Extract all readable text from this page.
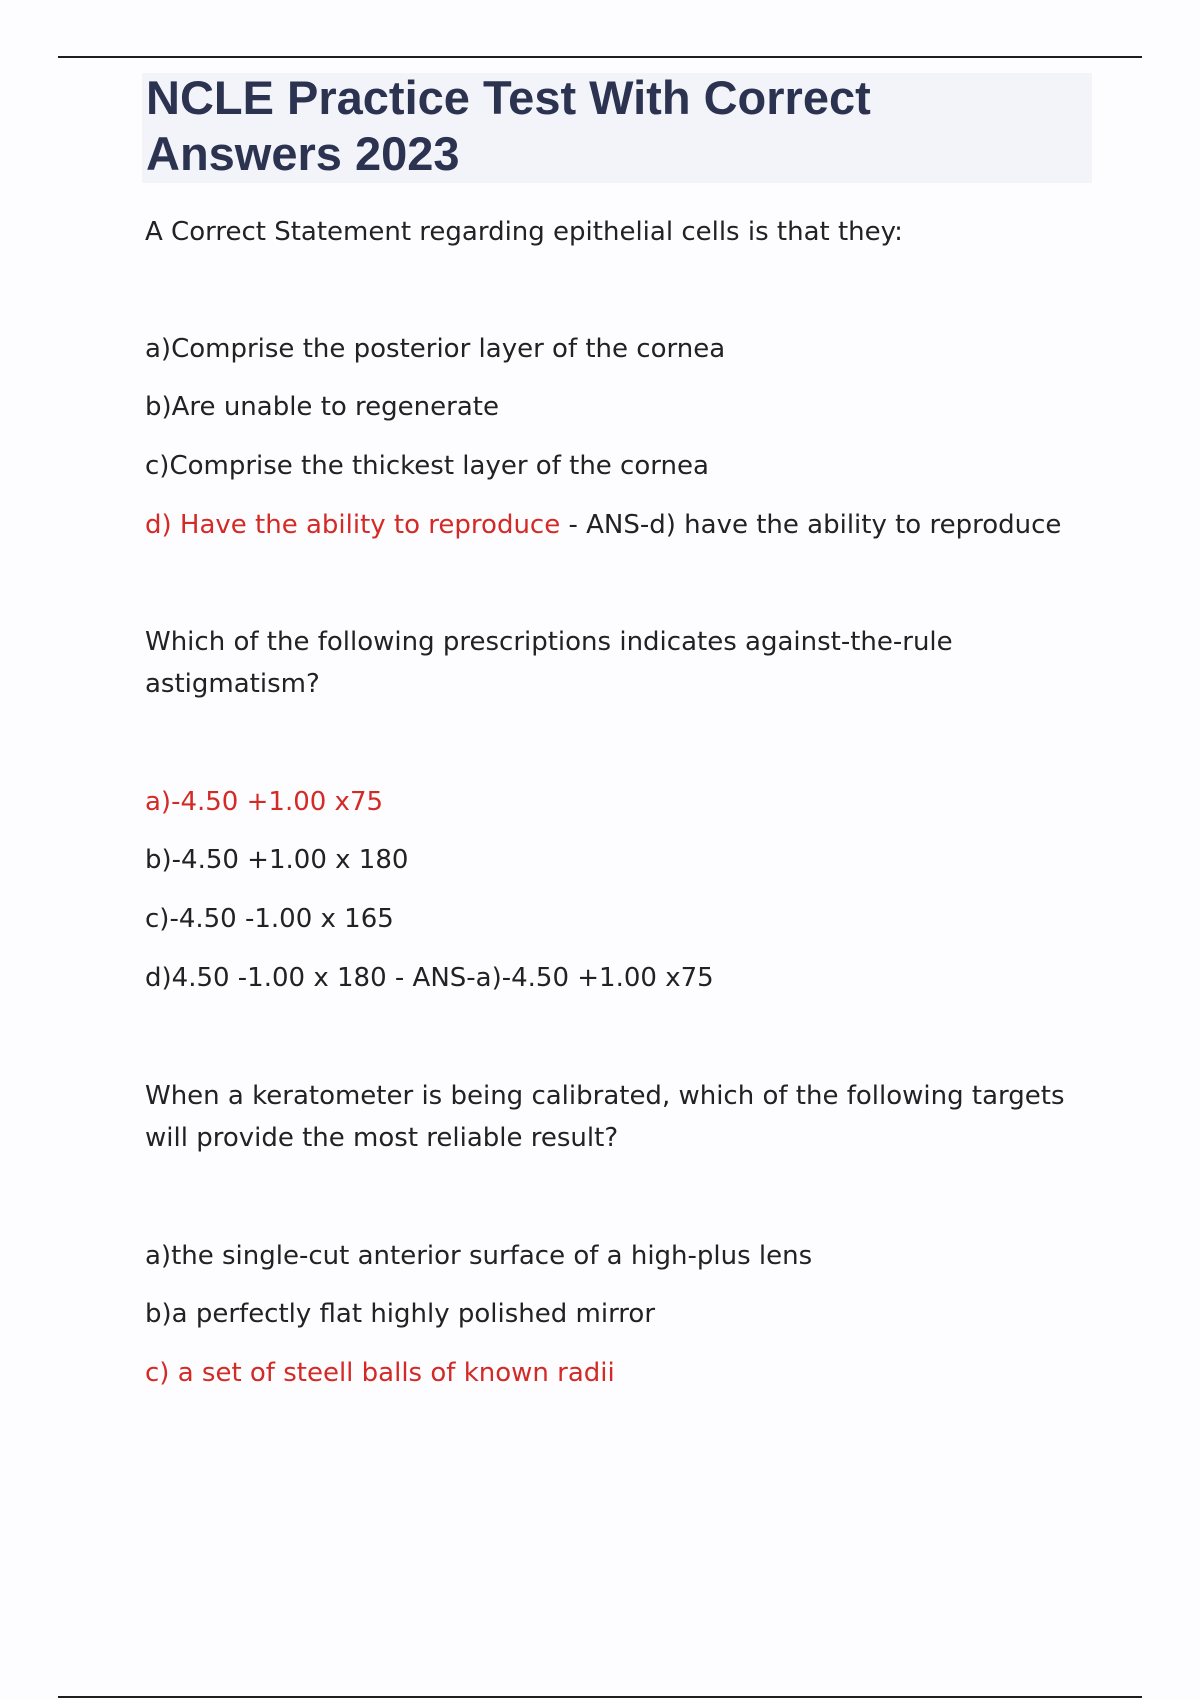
NCLE Practice Test With Correct
Answers 2023
A Correct Statement regarding epithelial cells is that they:
a)Comprise the posterior layer of the cornea
b)Are unable to regenerate
c)Comprise the thickest layer of the cornea
d) Have the ability to reproduce - ANS-d) have the ability to reproduce
Which of the following prescriptions indicates against-the-rule
astigmatism?
a)-4.50 +1.00 x75
b)-4.50 +1.00 x 180
c)-4.50 -1.00 x 165
d)4.50 -1.00 x 180 - ANS-a)-4.50 +1.00 x75
When a keratometer is being calibrated, which of the following targets
will provide the most reliable result?
a)the single-cut anterior surface of a high-plus lens
b)a perfectly flat highly polished mirror
c) a set of steell balls of known radii
